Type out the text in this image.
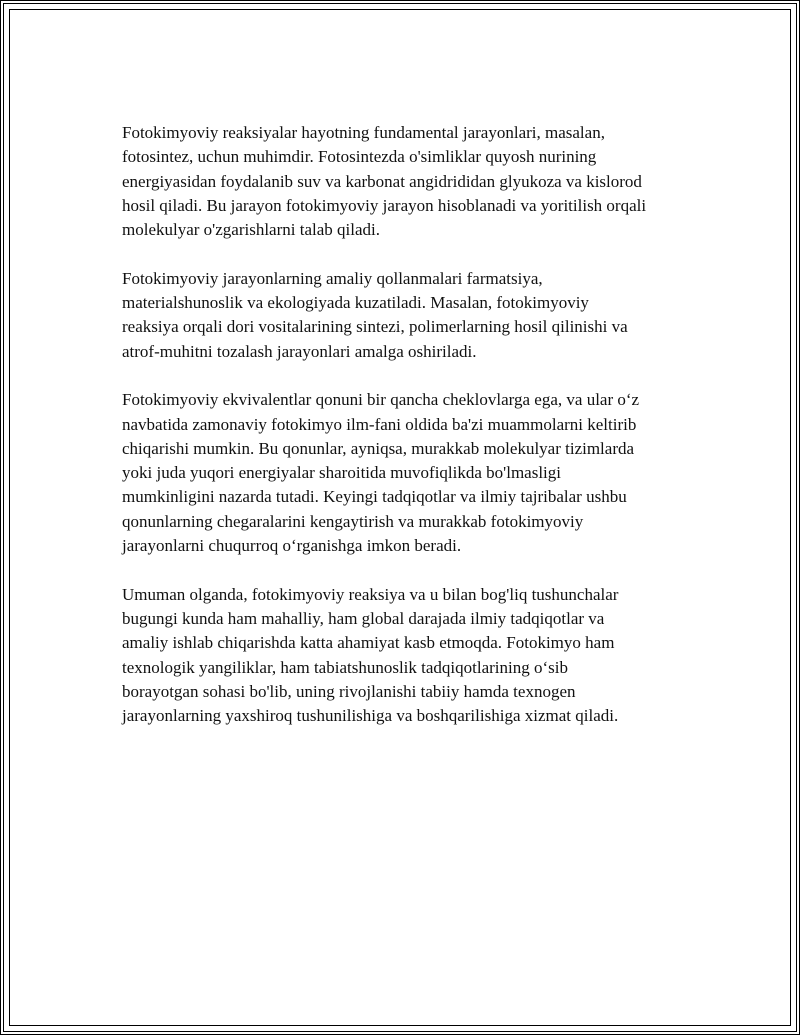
Fotokimyoviy reaksiyalar hayotning fundamental jarayonlari, masalan,
fotosintez, uchun muhimdir. Fotosintezda o'simliklar quyosh nurining
energiyasidan foydalanib suv va karbonat angidrididan glyukoza va kislorod
hosil qiladi. Bu jarayon fotokimyoviy jarayon hisoblanadi va yoritilish orqali
molekulyar o'zgarishlarni talab qiladi.

Fotokimyoviy jarayonlarning amaliy qollanmalari farmatsiya,
materialshunoslik va ekologiyada kuzatiladi. Masalan, fotokimyoviy
reaksiya orqali dori vositalarining sintezi, polimerlarning hosil qilinishi va
atrof-muhitni tozalash jarayonlari amalga oshiriladi.

Fotokimyoviy ekvivalentlar qonuni bir qancha cheklovlarga ega, va ular o‘z
navbatida zamonaviy fotokimyo ilm-fani oldida ba'zi muammolarni keltirib
chiqarishi mumkin. Bu qonunlar, ayniqsa, murakkab molekulyar tizimlarda
yoki juda yuqori energiyalar sharoitida muvofiqlikda bo'lmasligi
mumkinligini nazarda tutadi. Keyingi tadqiqotlar va ilmiy tajribalar ushbu
qonunlarning chegaralarini kengaytirish va murakkab fotokimyoviy
jarayonlarni chuqurroq o‘rganishga imkon beradi.

Umuman olganda, fotokimyoviy reaksiya va u bilan bog'liq tushunchalar
bugungi kunda ham mahalliy, ham global darajada ilmiy tadqiqotlar va
amaliy ishlab chiqarishda katta ahamiyat kasb etmoqda. Fotokimyo ham
texnologik yangiliklar, ham tabiatshunoslik tadqiqotlarining o‘sib
borayotgan sohasi bo'lib, uning rivojlanishi tabiiy hamda texnogen
jarayonlarning yaxshiroq tushunilishiga va boshqarilishiga xizmat qiladi.
